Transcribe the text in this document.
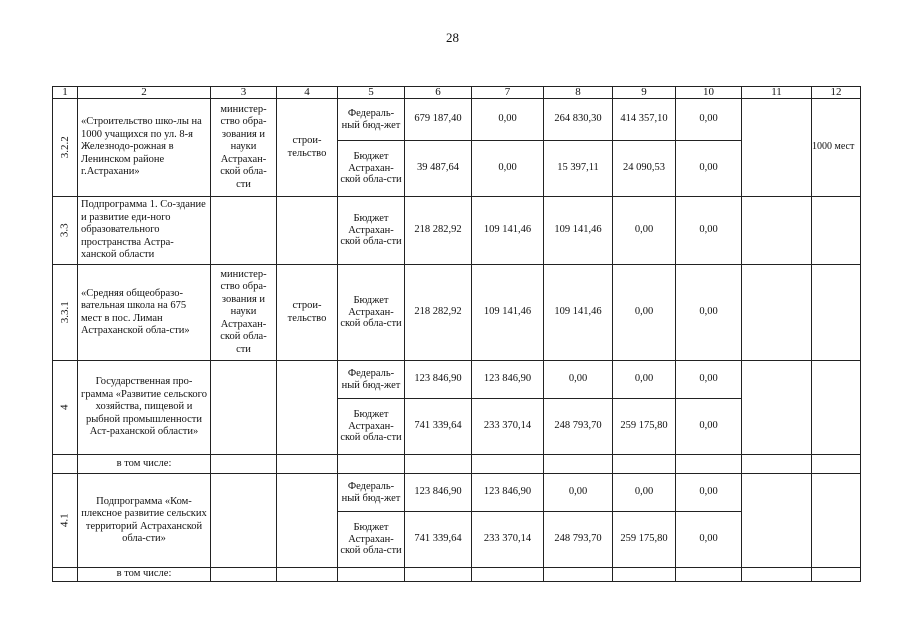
28
1	2	3	4	5	6	7	8	9	10	11	12
3.2.2	«Строительство шко-лы на 1000 учащихся по ул. 8-я Железнодо-рожная в Ленинском районе г.Астрахани»	министер-ство обра-зования и науки Астрахан-ской обла-сти	строи-тельство	Федераль-ный бюд-жет	679 187,40	0,00	264 830,30	414 357,10	0,00		1000 мест
				Бюджет Астрахан-ской обла-сти	39 487,64	0,00	15 397,11	24 090,53	0,00		
3.3	Подпрограмма 1. Со-здание и развитие еди-ного образовательного пространства Астра-ханской области			Бюджет Астрахан-ской обла-сти	218 282,92	109 141,46	109 141,46	0,00	0,00		
3.3.1	«Средняя общеобразо-вательная школа на 675 мест в пос. Лиман Астраханской обла-сти»	министер-ство обра-зования и науки Астрахан-ской обла-сти	строи-тельство	Бюджет Астрахан-ской обла-сти	218 282,92	109 141,46	109 141,46	0,00	0,00		
4	Государственная про-грамма «Развитие сельского хозяйства, пищевой и рыбной промышленности Аст-раханской области»			Федераль-ный бюд-жет	123 846,90	123 846,90	0,00	0,00	0,00		
				Бюджет Астрахан-ской обла-сти	741 339,64	233 370,14	248 793,70	259 175,80	0,00		
	в том числе:										
4.1	Подпрограмма «Ком-плексное развитие сельских территорий Астраханской обла-сти»			Федераль-ный бюд-жет	123 846,90	123 846,90	0,00	0,00	0,00		
				Бюджет Астрахан-ской обла-сти	741 339,64	233 370,14	248 793,70	259 175,80	0,00		
	в том числе:										
